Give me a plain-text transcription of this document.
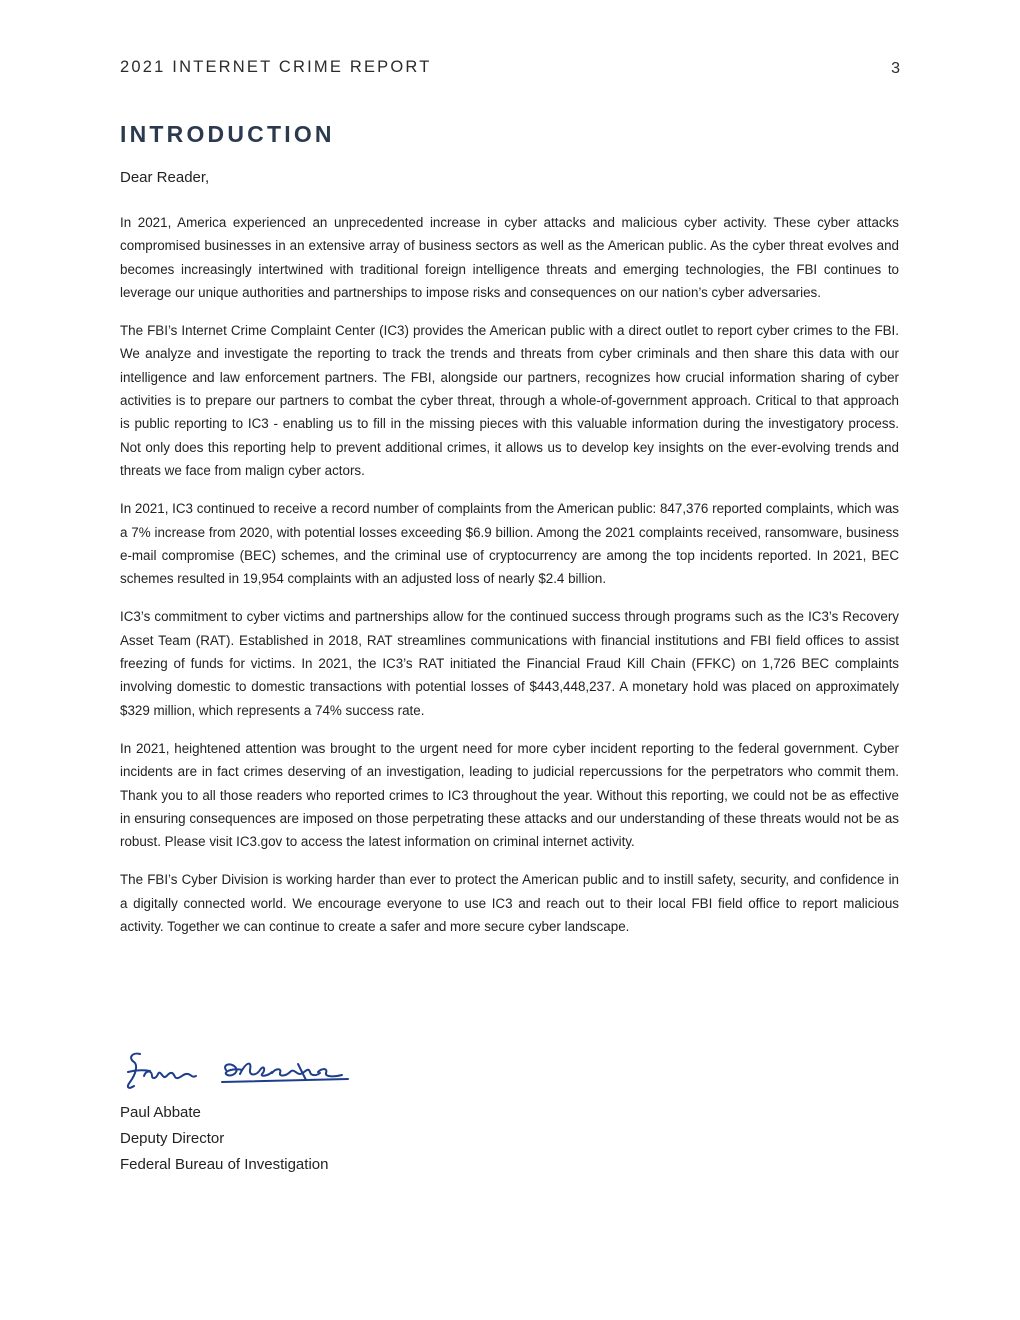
2021 INTERNET CRIME REPORT	3
INTRODUCTION
Dear Reader,

In 2021, America experienced an unprecedented increase in cyber attacks and malicious cyber activity. These cyber attacks compromised businesses in an extensive array of business sectors as well as the American public. As the cyber threat evolves and becomes increasingly intertwined with traditional foreign intelligence threats and emerging technologies, the FBI continues to leverage our unique authorities and partnerships to impose risks and consequences on our nation’s cyber adversaries.

The FBI’s Internet Crime Complaint Center (IC3) provides the American public with a direct outlet to report cyber crimes to the FBI. We analyze and investigate the reporting to track the trends and threats from cyber criminals and then share this data with our intelligence and law enforcement partners. The FBI, alongside our partners, recognizes how crucial information sharing of cyber activities is to prepare our partners to combat the cyber threat, through a whole-of-government approach. Critical to that approach is public reporting to IC3 - enabling us to fill in the missing pieces with this valuable information during the investigatory process. Not only does this reporting help to prevent additional crimes, it allows us to develop key insights on the ever-evolving trends and threats we face from malign cyber actors.

In 2021, IC3 continued to receive a record number of complaints from the American public: 847,376 reported complaints, which was a 7% increase from 2020, with potential losses exceeding $6.9 billion. Among the 2021 complaints received, ransomware, business e-mail compromise (BEC) schemes, and the criminal use of cryptocurrency are among the top incidents reported. In 2021, BEC schemes resulted in 19,954 complaints with an adjusted loss of nearly $2.4 billion.

IC3’s commitment to cyber victims and partnerships allow for the continued success through programs such as the IC3’s Recovery Asset Team (RAT). Established in 2018, RAT streamlines communications with financial institutions and FBI field offices to assist freezing of funds for victims. In 2021, the IC3’s RAT initiated the Financial Fraud Kill Chain (FFKC) on 1,726 BEC complaints involving domestic to domestic transactions with potential losses of $443,448,237. A monetary hold was placed on approximately $329 million, which represents a 74% success rate.

In 2021, heightened attention was brought to the urgent need for more cyber incident reporting to the federal government. Cyber incidents are in fact crimes deserving of an investigation, leading to judicial repercussions for the perpetrators who commit them. Thank you to all those readers who reported crimes to IC3 throughout the year. Without this reporting, we could not be as effective in ensuring consequences are imposed on those perpetrating these attacks and our understanding of these threats would not be as robust. Please visit IC3.gov to access the latest information on criminal internet activity.

The FBI’s Cyber Division is working harder than ever to protect the American public and to instill safety, security, and confidence in a digitally connected world. We encourage everyone to use IC3 and reach out to their local FBI field office to report malicious activity. Together we can continue to create a safer and more secure cyber landscape.

Paul Abbate
Deputy Director
Federal Bureau of Investigation
